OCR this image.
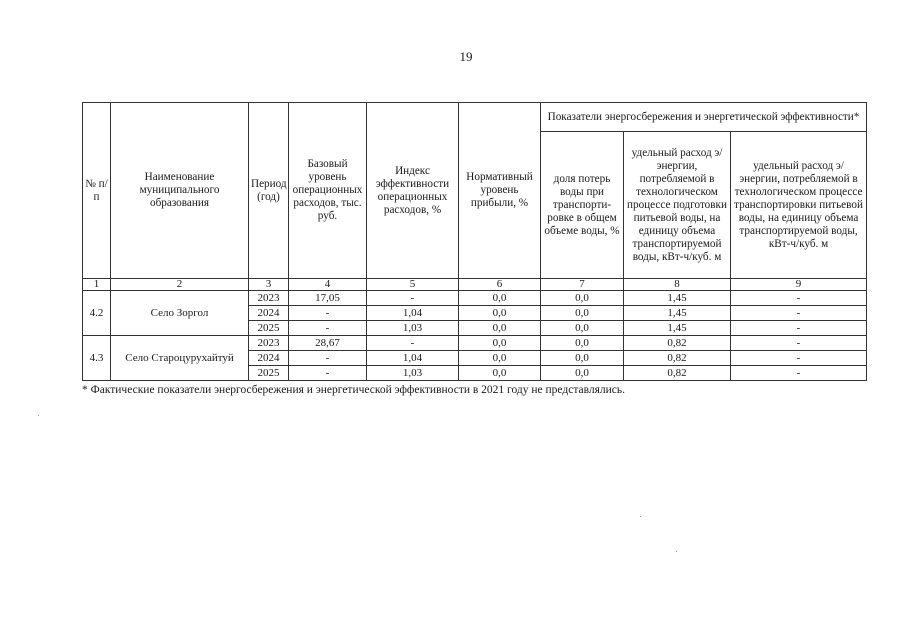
19
№ п/п	Наименование муниципального образования	Период (год)	Базовый уровень операционных расходов, тыс. руб.	Индекс эффективности операционных расходов, %	Нормативный уровень прибыли, %	Показатели энергосбережения и энергетической эффективности*		
						доля потерь воды при транспорти-ровке в общем объеме воды, %	удельный расход э/энергии, потребляемой в технологическом процессе подготовки питьевой воды, на единицу объема транспортируемой воды, кВт-ч/куб. м	удельный расход э/энергии, потребляемой в технологическом процессе транспортировки питьевой воды, на единицу объема транспортируемой воды, кВт-ч/куб. м
1	2	3	4	5	6	7	8	9
4.2	Село Зоргол	2023	17,05	-	0,0	0,0	1,45	-
		2024	-	1,04	0,0	0,0	1,45	-
		2025	-	1,03	0,0	0,0	1,45	-
4.3	Село Староцурухайтуй	2023	28,67	-	0,0	0,0	0,82	-
		2024	-	1,04	0,0	0,0	0,82	-
		2025	-	1,03	0,0	0,0	0,82	-
* Фактические показатели энергосбережения и энергетической эффективности в 2021 году не представлялись.
